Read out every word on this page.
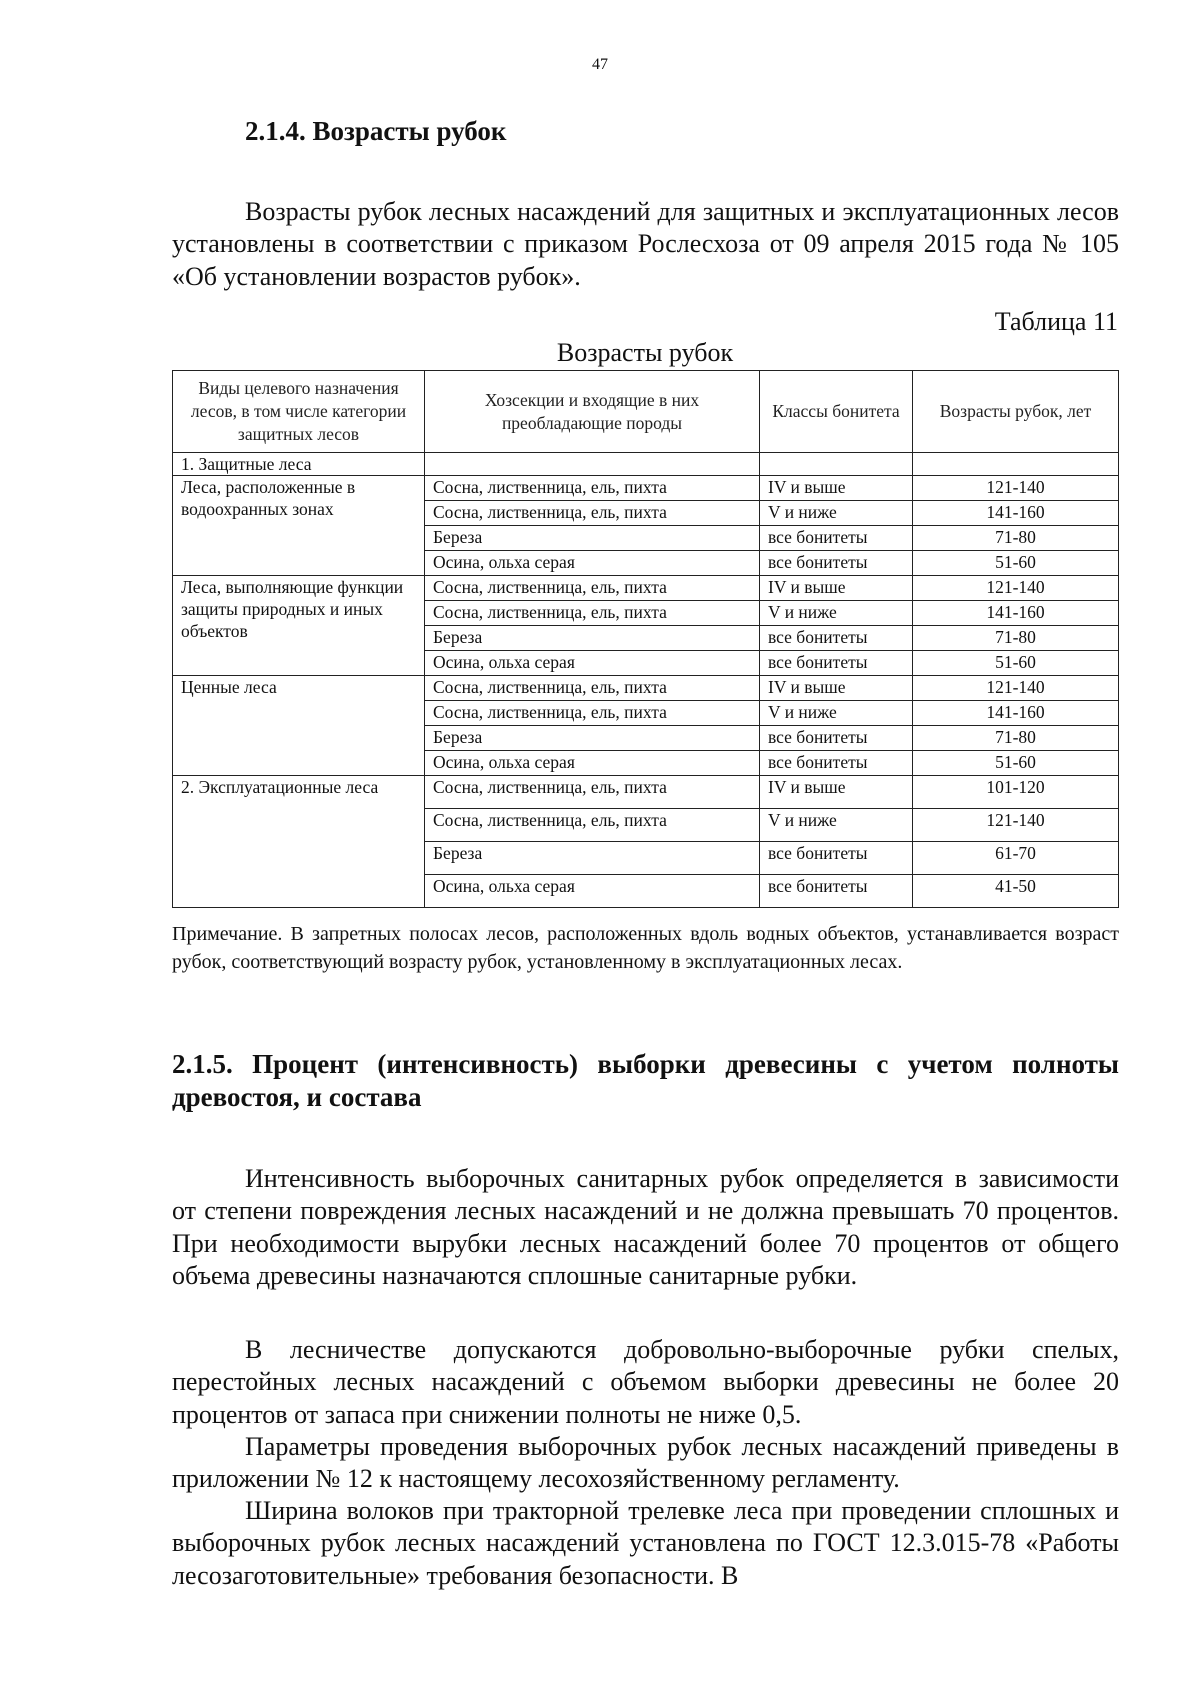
47
2.1.4. Возрасты рубок

Возрасты рубок лесных насаждений для защитных и эксплуатационных лесов установлены в соответствии с приказом Рослесхоза от 09 апреля 2015 года № 105 «Об установлении возрастов рубок».

Таблица 11
Возрасты рубок
Виды целевого назначения лесов, в том числе категории защитных лесов	Хозсекции и входящие в них преобладающие породы	Классы бонитета	Возрасты рубок, лет
1. Защитные леса			
Леса, расположенные в водоохранных зонах	Сосна, лиственница, ель, пихта	IV и выше	121-140
	Сосна, лиственница, ель, пихта	V и ниже	141-160
	Береза	все бонитеты	71-80
	Осина, ольха серая	все бонитеты	51-60
Леса, выполняющие функции защиты природных и иных объектов	Сосна, лиственница, ель, пихта	IV и выше	121-140
	Сосна, лиственница, ель, пихта	V и ниже	141-160
	Береза	все бонитеты	71-80
	Осина, ольха серая	все бонитеты	51-60
Ценные леса	Сосна, лиственница, ель, пихта	IV и выше	121-140
	Сосна, лиственница, ель, пихта	V и ниже	141-160
	Береза	все бонитеты	71-80
	Осина, ольха серая	все бонитеты	51-60
2. Эксплуатационные леса	Сосна, лиственница, ель, пихта	IV и выше	101-120
	Сосна, лиственница, ель, пихта	V и ниже	121-140
	Береза	все бонитеты	61-70
	Осина, ольха серая	все бонитеты	41-50

Примечание. В запретных полосах лесов, расположенных вдоль водных объектов, устанавливается возраст рубок, соответствующий возрасту рубок, установленному в эксплуатационных лесах.

2.1.5. Процент (интенсивность) выборки древесины с учетом полноты древостоя, и состава

Интенсивность выборочных санитарных рубок определяется в зависимости от степени повреждения лесных насаждений и не должна превышать 70 процентов. При необходимости вырубки лесных насаждений более 70 процентов от общего объема древесины назначаются сплошные санитарные рубки.

В лесничестве допускаются добровольно-выборочные рубки спелых, перестойных лесных насаждений с объемом выборки древесины не более 20 процентов от запаса при снижении полноты не ниже 0,5.

Параметры проведения выборочных рубок лесных насаждений приведены в приложении № 12 к настоящему лесохозяйственному регламенту.

Ширина волоков при тракторной трелевке леса при проведении сплошных и выборочных рубок лесных насаждений установлена по ГОСТ 12.3.015-78 «Работы лесозаготовительные» требования безопасности. В
